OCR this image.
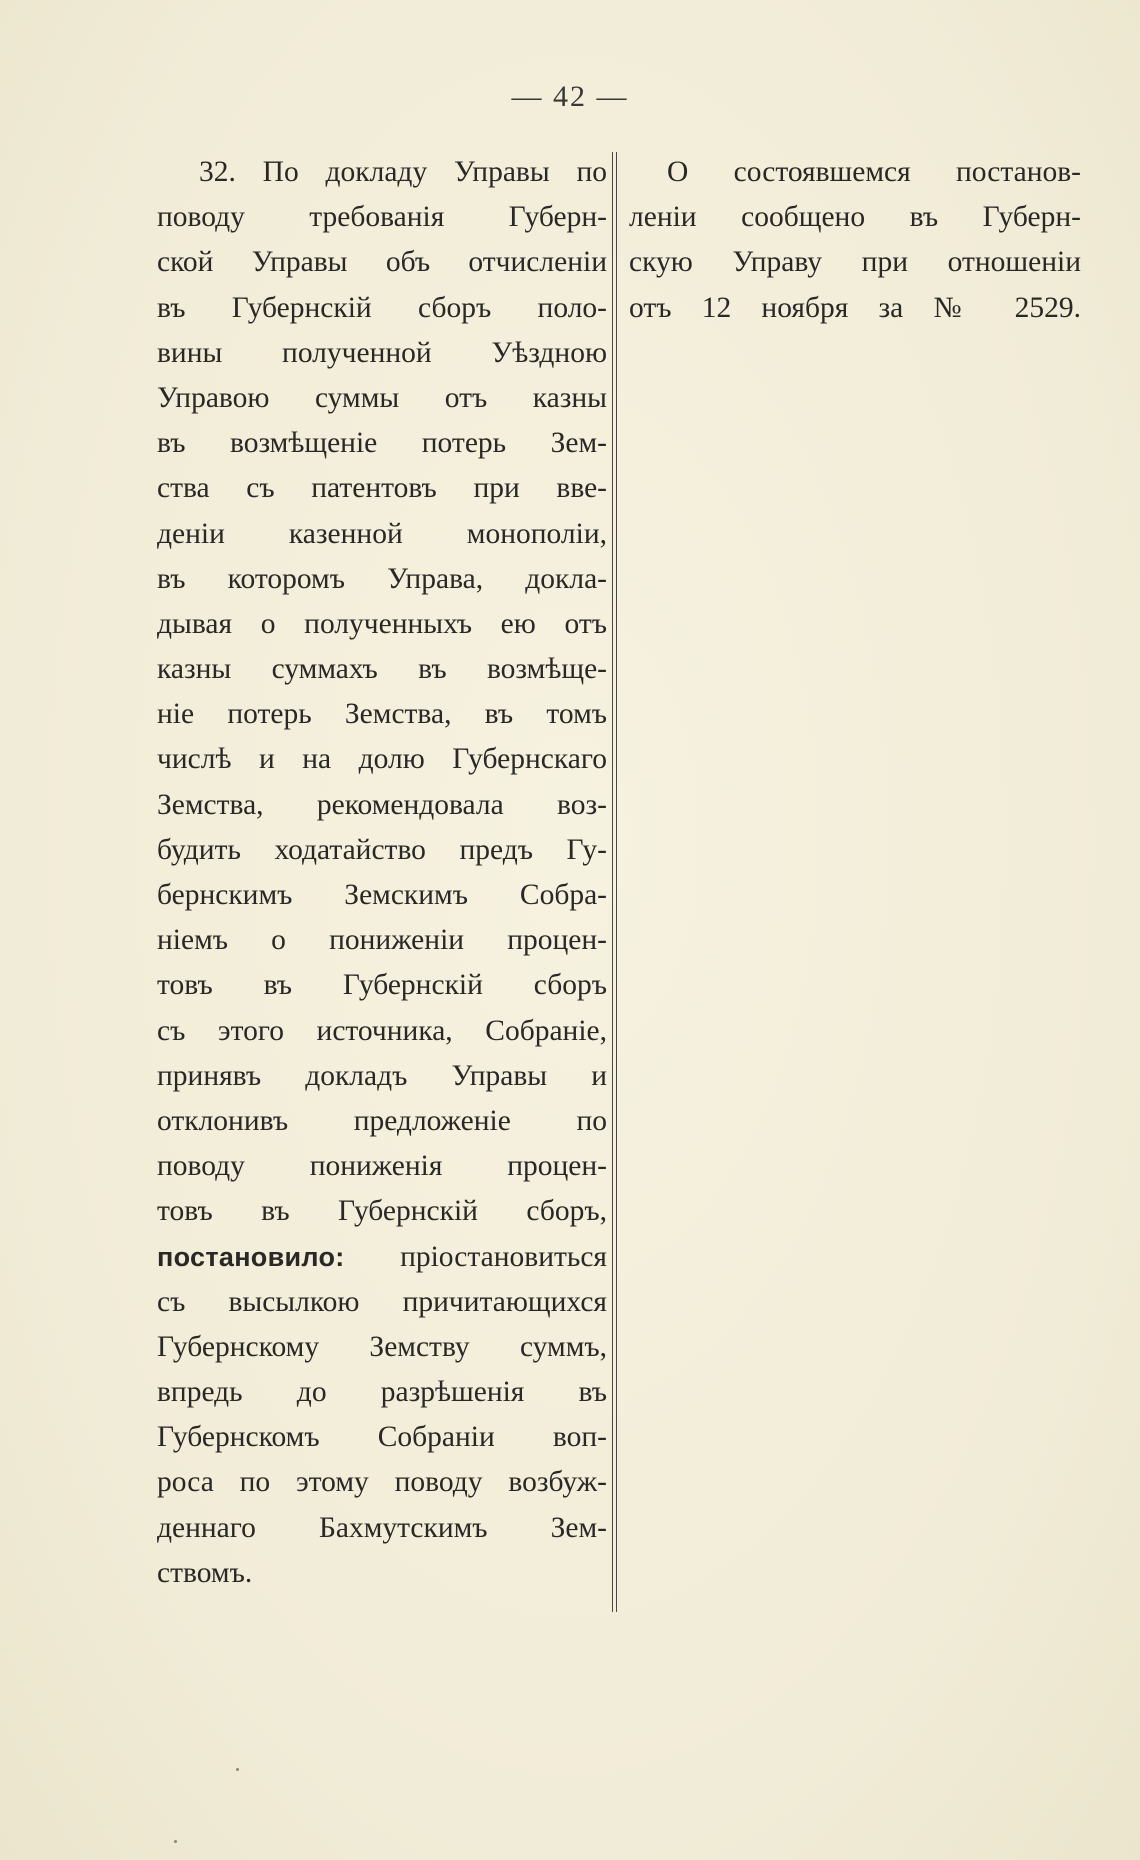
— 42 —
32. По докладу Управы по
поводу требованія Губерн-
ской Управы объ отчисленіи
въ Губернскій сборъ поло-
вины полученной Уѣздною
Управою суммы отъ казны
въ возмѣщеніе потерь Зем-
ства съ патентовъ при вве-
деніи казенной монополіи,
въ которомъ Управа, докла-
дывая о полученныхъ ею отъ
казны суммахъ въ возмѣще-
ніе потерь Земства, въ томъ
числѣ и на долю Губернскаго
Земства, рекомендовала воз-
будить ходатайство предъ Гу-
бернскимъ Земскимъ Собра-
ніемъ о пониженіи процен-
товъ въ Губернскій сборъ
съ этого источника, Собраніе,
принявъ докладъ Управы и
отклонивъ предложеніе по
поводу пониженія процен-
товъ въ Губернскій сборъ,
постановило: пріостановиться
съ высылкою причитающихся
Губернскому Земству суммъ,
впредь до разрѣшенія въ
Губернскомъ Собраніи воп-
роса по этому поводу возбуж-
деннаго Бахмутскимъ Зем-
ствомъ.
О состоявшемся постанов-
леніи сообщено въ Губерн-
скую Управу при отношеніи
отъ 12 ноября за № 2529.
